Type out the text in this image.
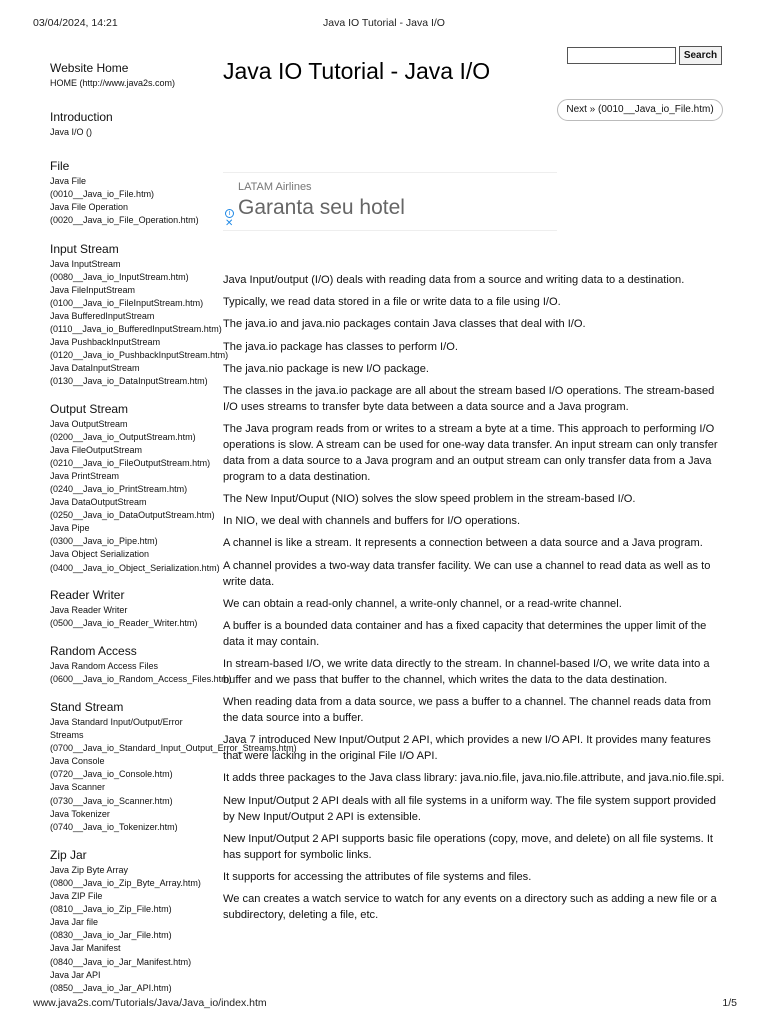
03/04/2024, 14:21	Java IO Tutorial - Java I/O
Search
Java IO Tutorial - Java I/O
Next » (0010__Java_io_File.htm)
LATAM Airlines
Garanta seu hotel
i
✕
Website Home
HOME (http://www.java2s.com)
Introduction
Java I/O ()
File
Java File
(0010__Java_io_File.htm)
Java File Operation
(0020__Java_io_File_Operation.htm)
Input Stream
Java InputStream
(0080__Java_io_InputStream.htm)
Java FileInputStream
(0100__Java_io_FileInputStream.htm)
Java BufferedInputStream
(0110__Java_io_BufferedInputStream.htm)
Java PushbackInputStream
(0120__Java_io_PushbackInputStream.htm)
Java DataInputStream
(0130__Java_io_DataInputStream.htm)
Output Stream
Java OutputStream
(0200__Java_io_OutputStream.htm)
Java FileOutputStream
(0210__Java_io_FileOutputStream.htm)
Java PrintStream
(0240__Java_io_PrintStream.htm)
Java DataOutputStream
(0250__Java_io_DataOutputStream.htm)
Java Pipe
(0300__Java_io_Pipe.htm)
Java Object Serialization
(0400__Java_io_Object_Serialization.htm)
Reader Writer
Java Reader Writer
(0500__Java_io_Reader_Writer.htm)
Random Access
Java Random Access Files
(0600__Java_io_Random_Access_Files.htm)
Stand Stream
Java Standard Input/Output/Error
Streams
(0700__Java_io_Standard_Input_Output_Error_Streams.htm)
Java Console
(0720__Java_io_Console.htm)
Java Scanner
(0730__Java_io_Scanner.htm)
Java Tokenizer
(0740__Java_io_Tokenizer.htm)
Zip Jar
Java Zip Byte Array
(0800__Java_io_Zip_Byte_Array.htm)
Java ZIP File
(0810__Java_io_Zip_File.htm)
Java Jar file
(0830__Java_io_Jar_File.htm)
Java Jar Manifest
(0840__Java_io_Jar_Manifest.htm)
Java Jar API
(0850__Java_io_Jar_API.htm)

Java Input/output (I/O) deals with reading data from a source and writing data to a destination.

Typically, we read data stored in a file or write data to a file using I/O.

The java.io and java.nio packages contain Java classes that deal with I/O.

The java.io package has classes to perform I/O.

The java.nio package is new I/O package.

The classes in the java.io package are all about the stream based I/O operations. The stream-based I/O uses streams to transfer byte data between a data source and a Java program.

The Java program reads from or writes to a stream a byte at a time. This approach to performing I/O operations is slow. A stream can be used for one-way data transfer. An input stream can only transfer data from a data source to a Java program and an output stream can only transfer data from a Java program to a data destination.

The New Input/Ouput (NIO) solves the slow speed problem in the stream-based I/O.

In NIO, we deal with channels and buffers for I/O operations.

A channel is like a stream. It represents a connection between a data source and a Java program.

A channel provides a two-way data transfer facility. We can use a channel to read data as well as to write data.

We can obtain a read-only channel, a write-only channel, or a read-write channel.

A buffer is a bounded data container and has a fixed capacity that determines the upper limit of the data it may contain.

In stream-based I/O, we write data directly to the stream. In channel-based I/O, we write data into a buffer and we pass that buffer to the channel, which writes the data to the data destination.

When reading data from a data source, we pass a buffer to a channel. The channel reads data from the data source into a buffer.

Java 7 introduced New Input/Output 2 API, which provides a new I/O API. It provides many features that were lacking in the original File I/O API.

It adds three packages to the Java class library: java.nio.file, java.nio.file.attribute, and java.nio.file.spi.

New Input/Output 2 API deals with all file systems in a uniform way. The file system support provided by New Input/Output 2 API is extensible.

New Input/Output 2 API supports basic file operations (copy, move, and delete) on all file systems. It has support for symbolic links.

It supports for accessing the attributes of file systems and files.

We can creates a watch service to watch for any events on a directory such as adding a new file or a subdirectory, deleting a file, etc.

www.java2s.com/Tutorials/Java/Java_io/index.htm	1/5
